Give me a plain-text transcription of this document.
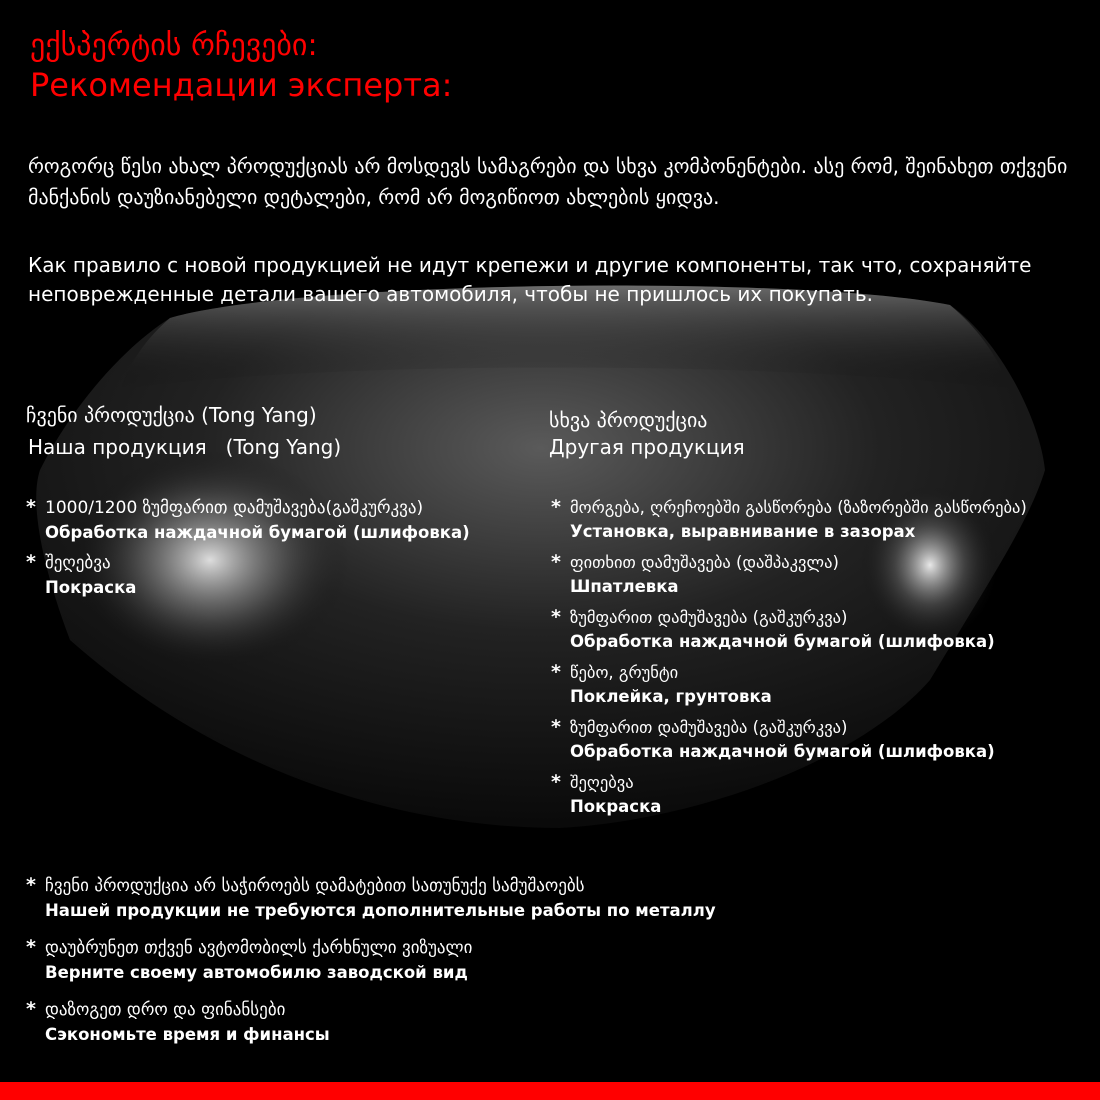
ექსპერტის რჩევები:
Рекомендации эксперта:

როგორც წესი ახალ პროდუქციას არ მოსდევს სამაგრები და სხვა კომპონენტები. ასე რომ, შეინახეთ თქვენი მანქანის დაუზიანებელი დეტალები, რომ არ მოგიწიოთ ახლების ყიდვა.

Как правило с новой продукцией не идут крепежи и другие компоненты, так что, сохраняйте неповрежденные детали вашего автомобиля, чтобы не пришлось их покупать.

ჩვენი პროდუქცია (Tong Yang)

Наша продукция   (Tong Yang)

სხვა პროდუქცია

Другая продукция

* 1000/1200 ზუმფარით დამუშავება(გაშკურკვა)
Обработка наждачной бумагой (шлифовка)
* შეღებვა
Покраска
* მორგება, ღრეჩოებში გასწორება (ზაზორებში გასწორება)
Установка, выравнивание в зазорах
* ფითხით დამუშავება (დაშპაკვლა)
Шпатлевка
* ზუმფარით დამუშავება (გაშკურკვა)
Обработка наждачной бумагой (шлифовка)
* წებო, გრუნტი
Поклейка, грунтовка
* ზუმფარით დამუშავება (გაშკურკვა)
Обработка наждачной бумагой (шлифовка)
* შეღებვა
Покраска
* ჩვენი პროდუქცია არ საჭიროებს დამატებით სათუნუქე სამუშაოებს
Нашей продукции не требуются дополнительные работы по металлу
* დაუბრუნეთ თქვენ ავტომობილს ქარხნული ვიზუალი
Верните своему автомобилю заводской вид
* დაზოგეთ დრო და ფინანსები
Сэкономьте время и финансы
